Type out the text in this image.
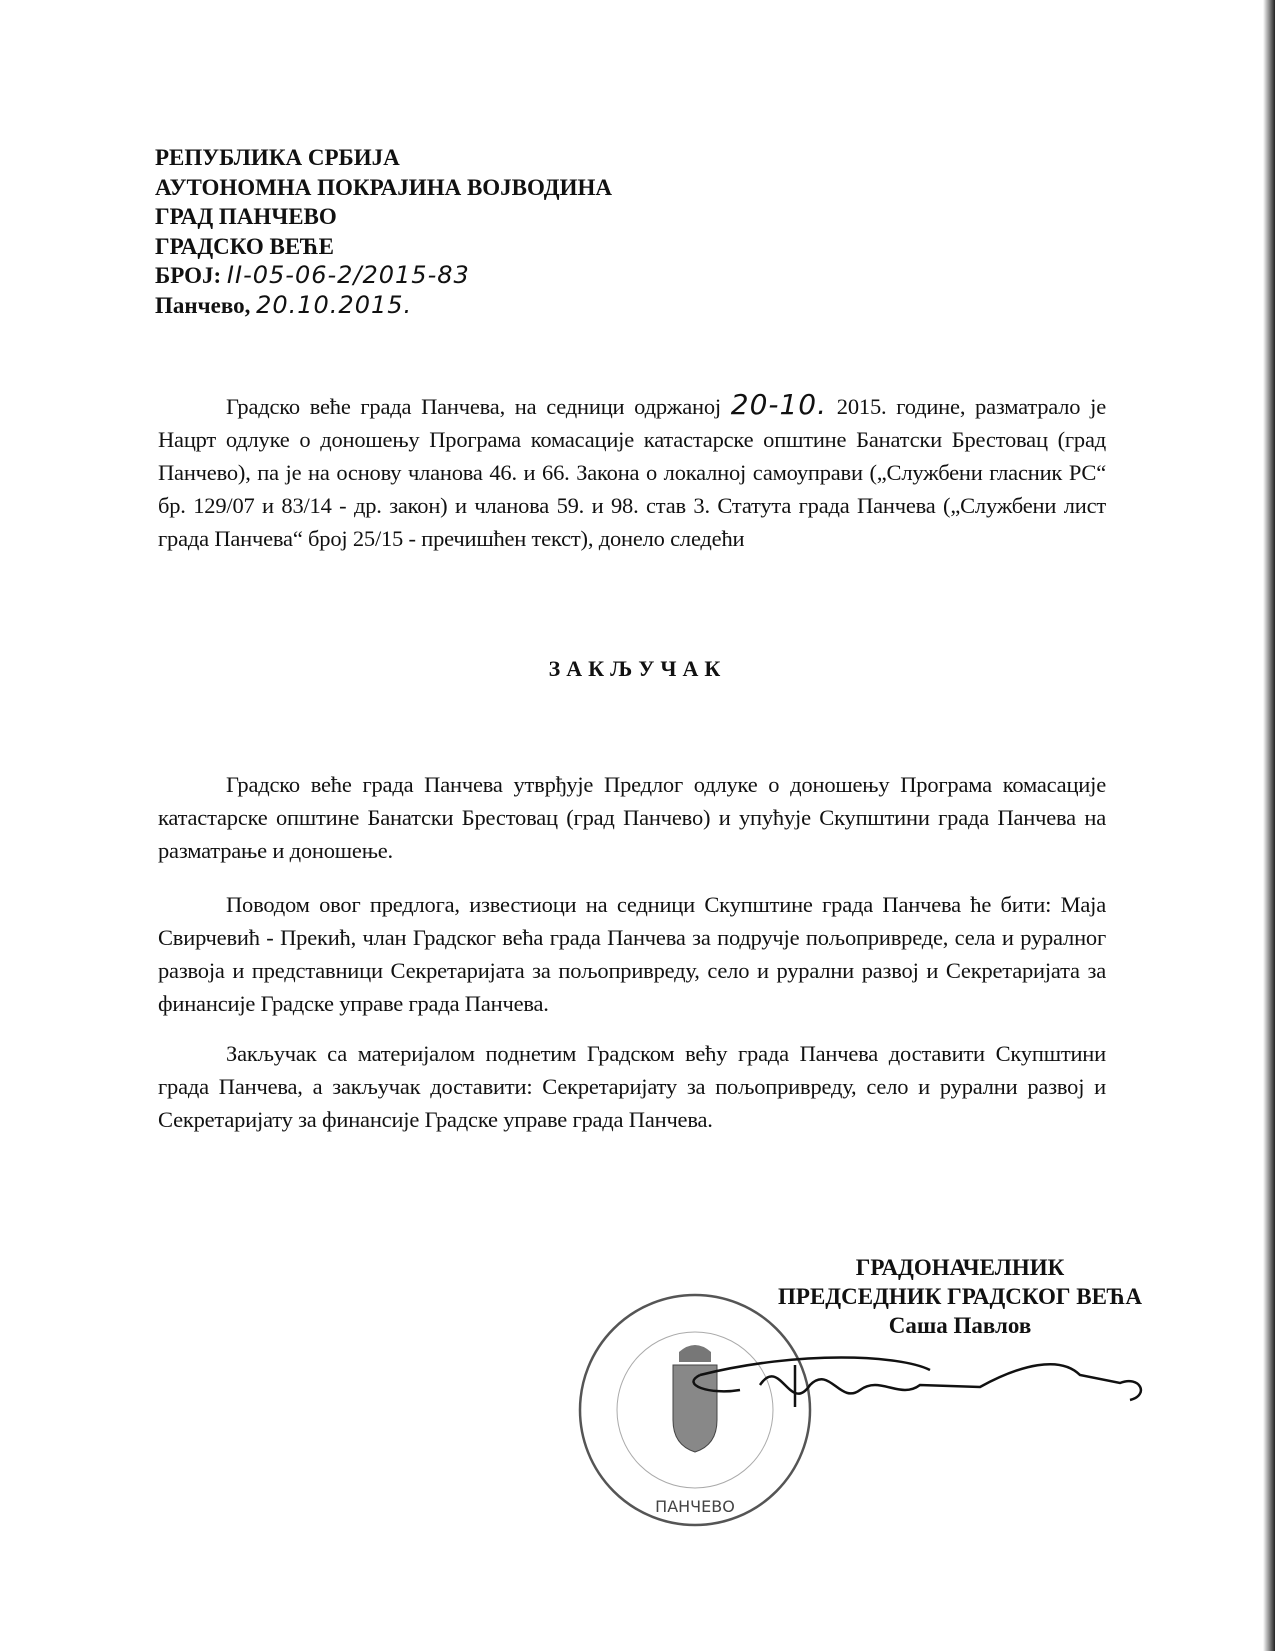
РЕПУБЛИКА СРБИЈА
АУТОНОМНА ПОКРАЈИНА ВОЈВОДИНА
ГРАД ПАНЧЕВО
ГРАДСКО ВЕЋЕ
БРОЈ: II-05-06-2/2015-83
Панчево, 20.10.2015.
Градско веће града Панчева, на седници одржаној 20-10. 2015. године, разматрало је Нацрт одлуке о доношењу Програма комасације катастарске општине Банатски Брестовац (град Панчево), па је на основу чланова 46. и 66. Закона о локалној самоуправи („Службени гласник РС“ бр. 129/07 и 83/14 - др. закон) и чланова 59. и 98. став 3. Статута града Панчева („Службени лист града Панчева“ број 25/15 - пречишћен текст), донело следећи
ЗАКЉУЧАК
Градско веће града Панчева утврђује Предлог одлуке о доношењу Програма комасације катастарске општине Банатски Брестовац (град Панчево) и упућује Скупштини града Панчева на разматрање и доношење.
Поводом овог предлога, известиоци на седници Скупштине града Панчева ће бити: Маја Свирчевић - Прекић, члан Градског већа града Панчева за подручје пољопривреде, села и руралног развоја и представници Секретаријата за пољопривреду, село и рурални развој и Секретаријата за финансије Градске управе града Панчева.
Закључак са материјалом поднетим Градском већу града Панчева доставити Скупштини града Панчева, а закључак доставити: Секретаријату за пољопривреду, село и рурални развој и Секретаријату за финансије Градске управе града Панчева.
ГРАДОНАЧЕЛНИК
ПРЕДСЕДНИК ГРАДСКОГ ВЕЋА
Саша Павлов
ПАНЧЕВО
